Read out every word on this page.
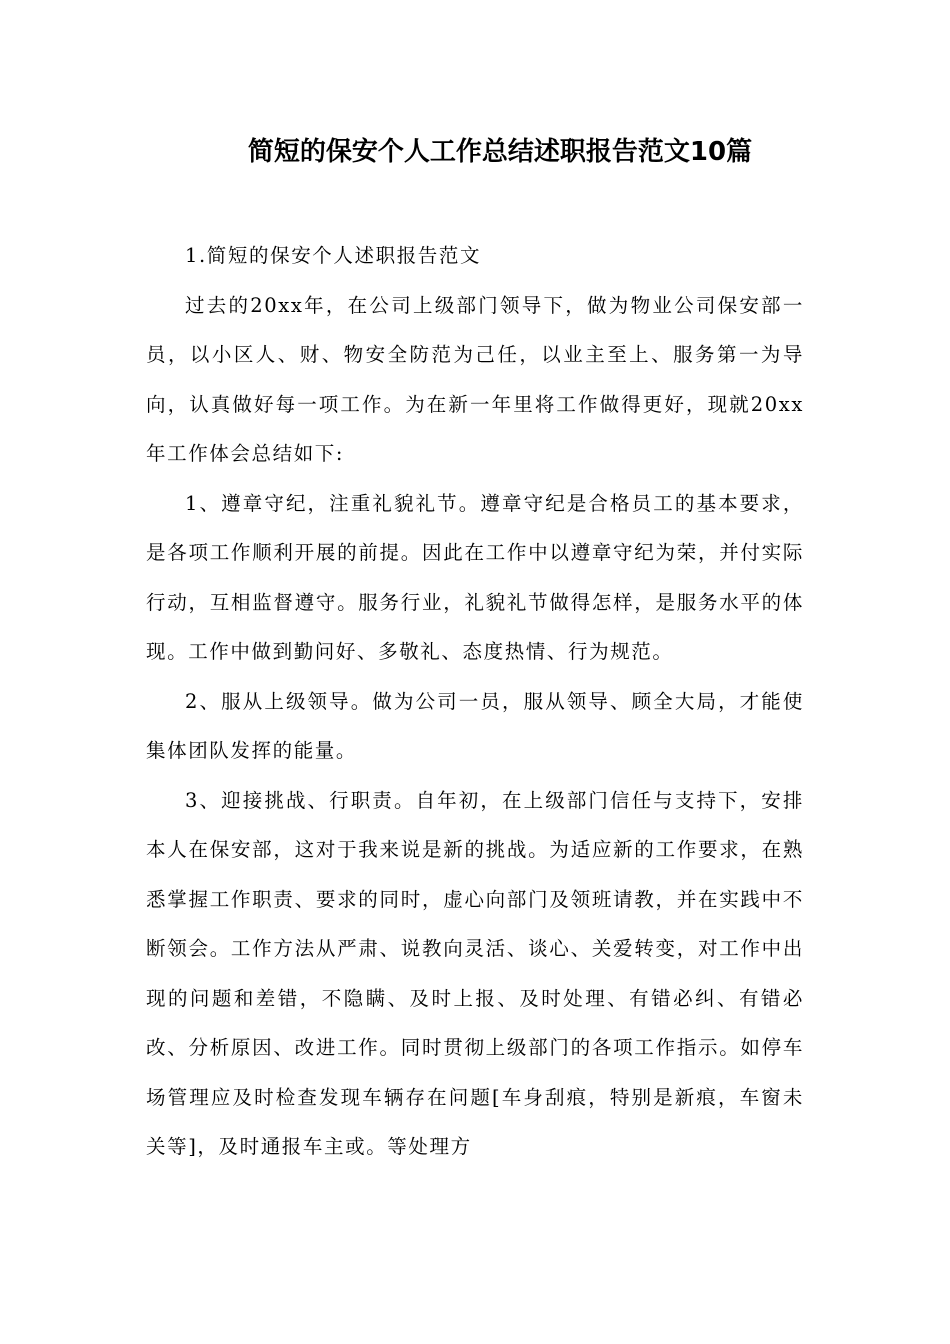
简短的保安个人工作总结述职报告范文10篇

1.简短的保安个人述职报告范文

过去的20xx年，在公司上级部门领导下，做为物业公司保安部一员，以小区人、财、物安全防范为己任，以业主至上、服务第一为导向，认真做好每一项工作。为在新一年里将工作做得更好，现就20xx年工作体会总结如下:

1、遵章守纪，注重礼貌礼节。遵章守纪是合格员工的基本要求，是各项工作顺利开展的前提。因此在工作中以遵章守纪为荣，并付实际行动，互相监督遵守。服务行业，礼貌礼节做得怎样，是服务水平的体现。工作中做到勤问好、多敬礼、态度热情、行为规范。

2、服从上级领导。做为公司一员，服从领导、顾全大局，才能使集体团队发挥的能量。

3、迎接挑战、行职责。自年初，在上级部门信任与支持下，安排本人在保安部，这对于我来说是新的挑战。为适应新的工作要求，在熟悉掌握工作职责、要求的同时，虚心向部门及领班请教，并在实践中不断领会。工作方法从严肃、说教向灵活、谈心、关爱转变，对工作中出现的问题和差错，不隐瞒、及时上报、及时处理、有错必纠、有错必改、分析原因、改进工作。同时贯彻上级部门的各项工作指示。如停车场管理应及时检查发现车辆存在问题[车身刮痕，特别是新痕，车窗未关等]，及时通报车主或。等处理方
